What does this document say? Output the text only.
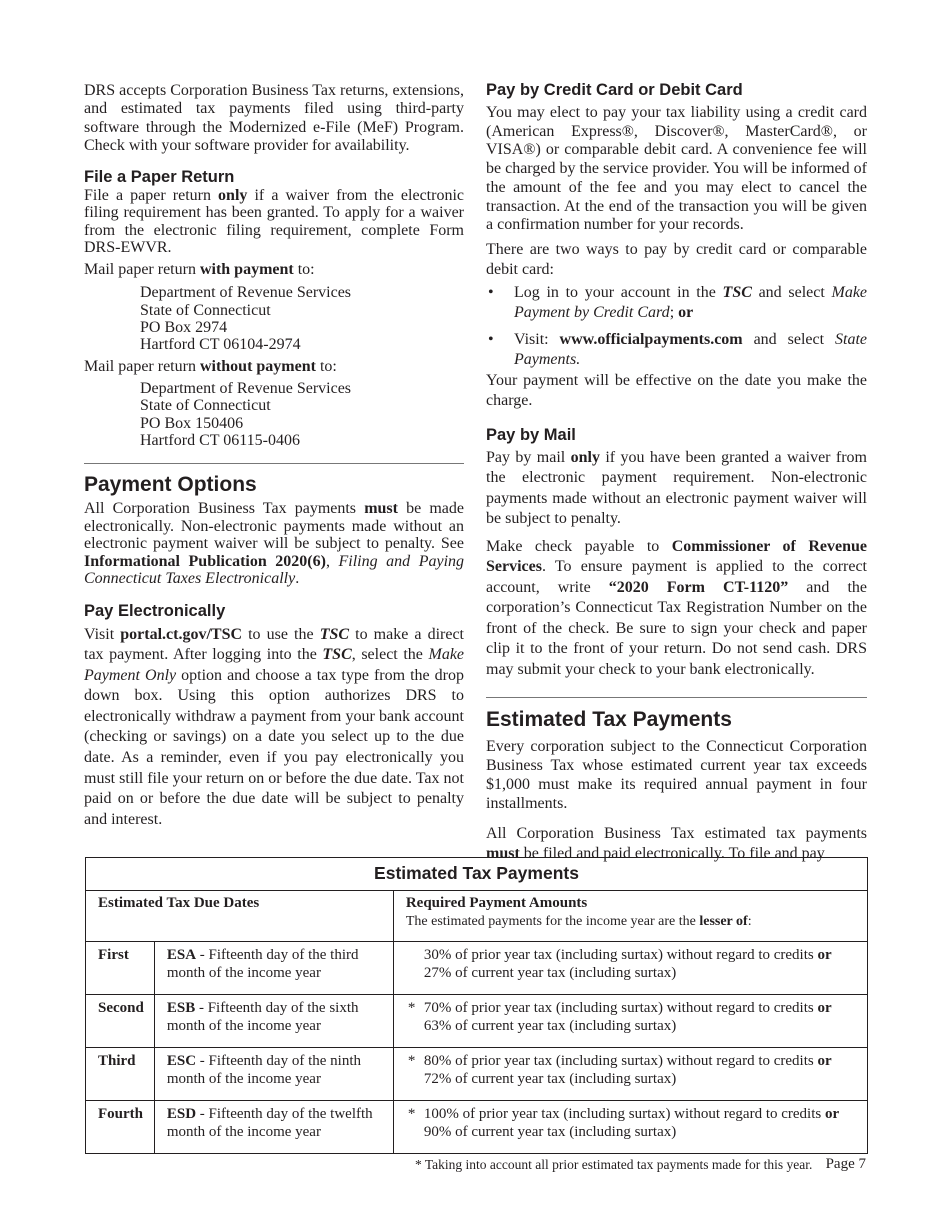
DRS accepts Corporation Business Tax returns, extensions, and estimated tax payments filed using third-party software through the Modernized e-File (MeF) Program. Check with your software provider for availability.
File a Paper Return
File a paper return only if a waiver from the electronic filing requirement has been granted. To apply for a waiver from the electronic filing requirement, complete Form DRS-EWVR.
Mail paper return with payment to:
Department of Revenue Services
State of Connecticut
PO Box 2974
Hartford CT 06104-2974
Mail paper return without payment to:
Department of Revenue Services
State of Connecticut
PO Box 150406
Hartford CT 06115-0406
Payment Options
All Corporation Business Tax payments must be made electronically. Non-electronic payments made without an electronic payment waiver will be subject to penalty. See Informational Publication 2020(6), Filing and Paying Connecticut Taxes Electronically.
Pay Electronically
Visit portal.ct.gov/TSC to use the TSC to make a direct tax payment. After logging into the TSC, select the Make Payment Only option and choose a tax type from the drop down box. Using this option authorizes DRS to electronically withdraw a payment from your bank account (checking or savings) on a date you select up to the due date. As a reminder, even if you pay electronically you must still file your return on or before the due date. Tax not paid on or before the due date will be subject to penalty and interest.
Pay by Credit Card or Debit Card
You may elect to pay your tax liability using a credit card (American Express®, Discover®, MasterCard®, or VISA®) or comparable debit card. A convenience fee will be charged by the service provider. You will be informed of the amount of the fee and you may elect to cancel the transaction. At the end of the transaction you will be given a confirmation number for your records.
There are two ways to pay by credit card or comparable debit card:
• Log in to your account in the TSC and select Make Payment by Credit Card; or
• Visit: www.officialpayments.com and select State Payments.
Your payment will be effective on the date you make the charge.
Pay by Mail
Pay by mail only if you have been granted a waiver from the electronic payment requirement. Non-electronic payments made without an electronic payment waiver will be subject to penalty.
Make check payable to Commissioner of Revenue Services. To ensure payment is applied to the correct account, write “2020 Form CT-1120” and the corporation’s Connecticut Tax Registration Number on the front of the check. Be sure to sign your check and paper clip it to the front of your return. Do not send cash. DRS may submit your check to your bank electronically.
Estimated Tax Payments
Every corporation subject to the Connecticut Corporation Business Tax whose estimated current year tax exceeds $1,000 must make its required annual payment in four installments.
All Corporation Business Tax estimated tax payments must be filed and paid electronically. To file and pay
Estimated Tax Payments		
Estimated Tax Due Dates		Required Payment Amounts
The estimated payments for the income year are the lesser of:

First	ESA - Fifteenth day of the third month of the income year	30% of prior year tax (including surtax) without regard to credits or 27% of current year tax (including surtax)

Second	ESB - Fifteenth day of the sixth month of the income year	* 70% of prior year tax (including surtax) without regard to credits or 63% of current year tax (including surtax)

Third	ESC - Fifteenth day of the ninth month of the income year	* 80% of prior year tax (including surtax) without regard to credits or 72% of current year tax (including surtax)

Fourth	ESD - Fifteenth day of the twelfth month of the income year	* 100% of prior year tax (including surtax) without regard to credits or 90% of current year tax (including surtax)
* Taking into account all prior estimated tax payments made for this year. Page 7
